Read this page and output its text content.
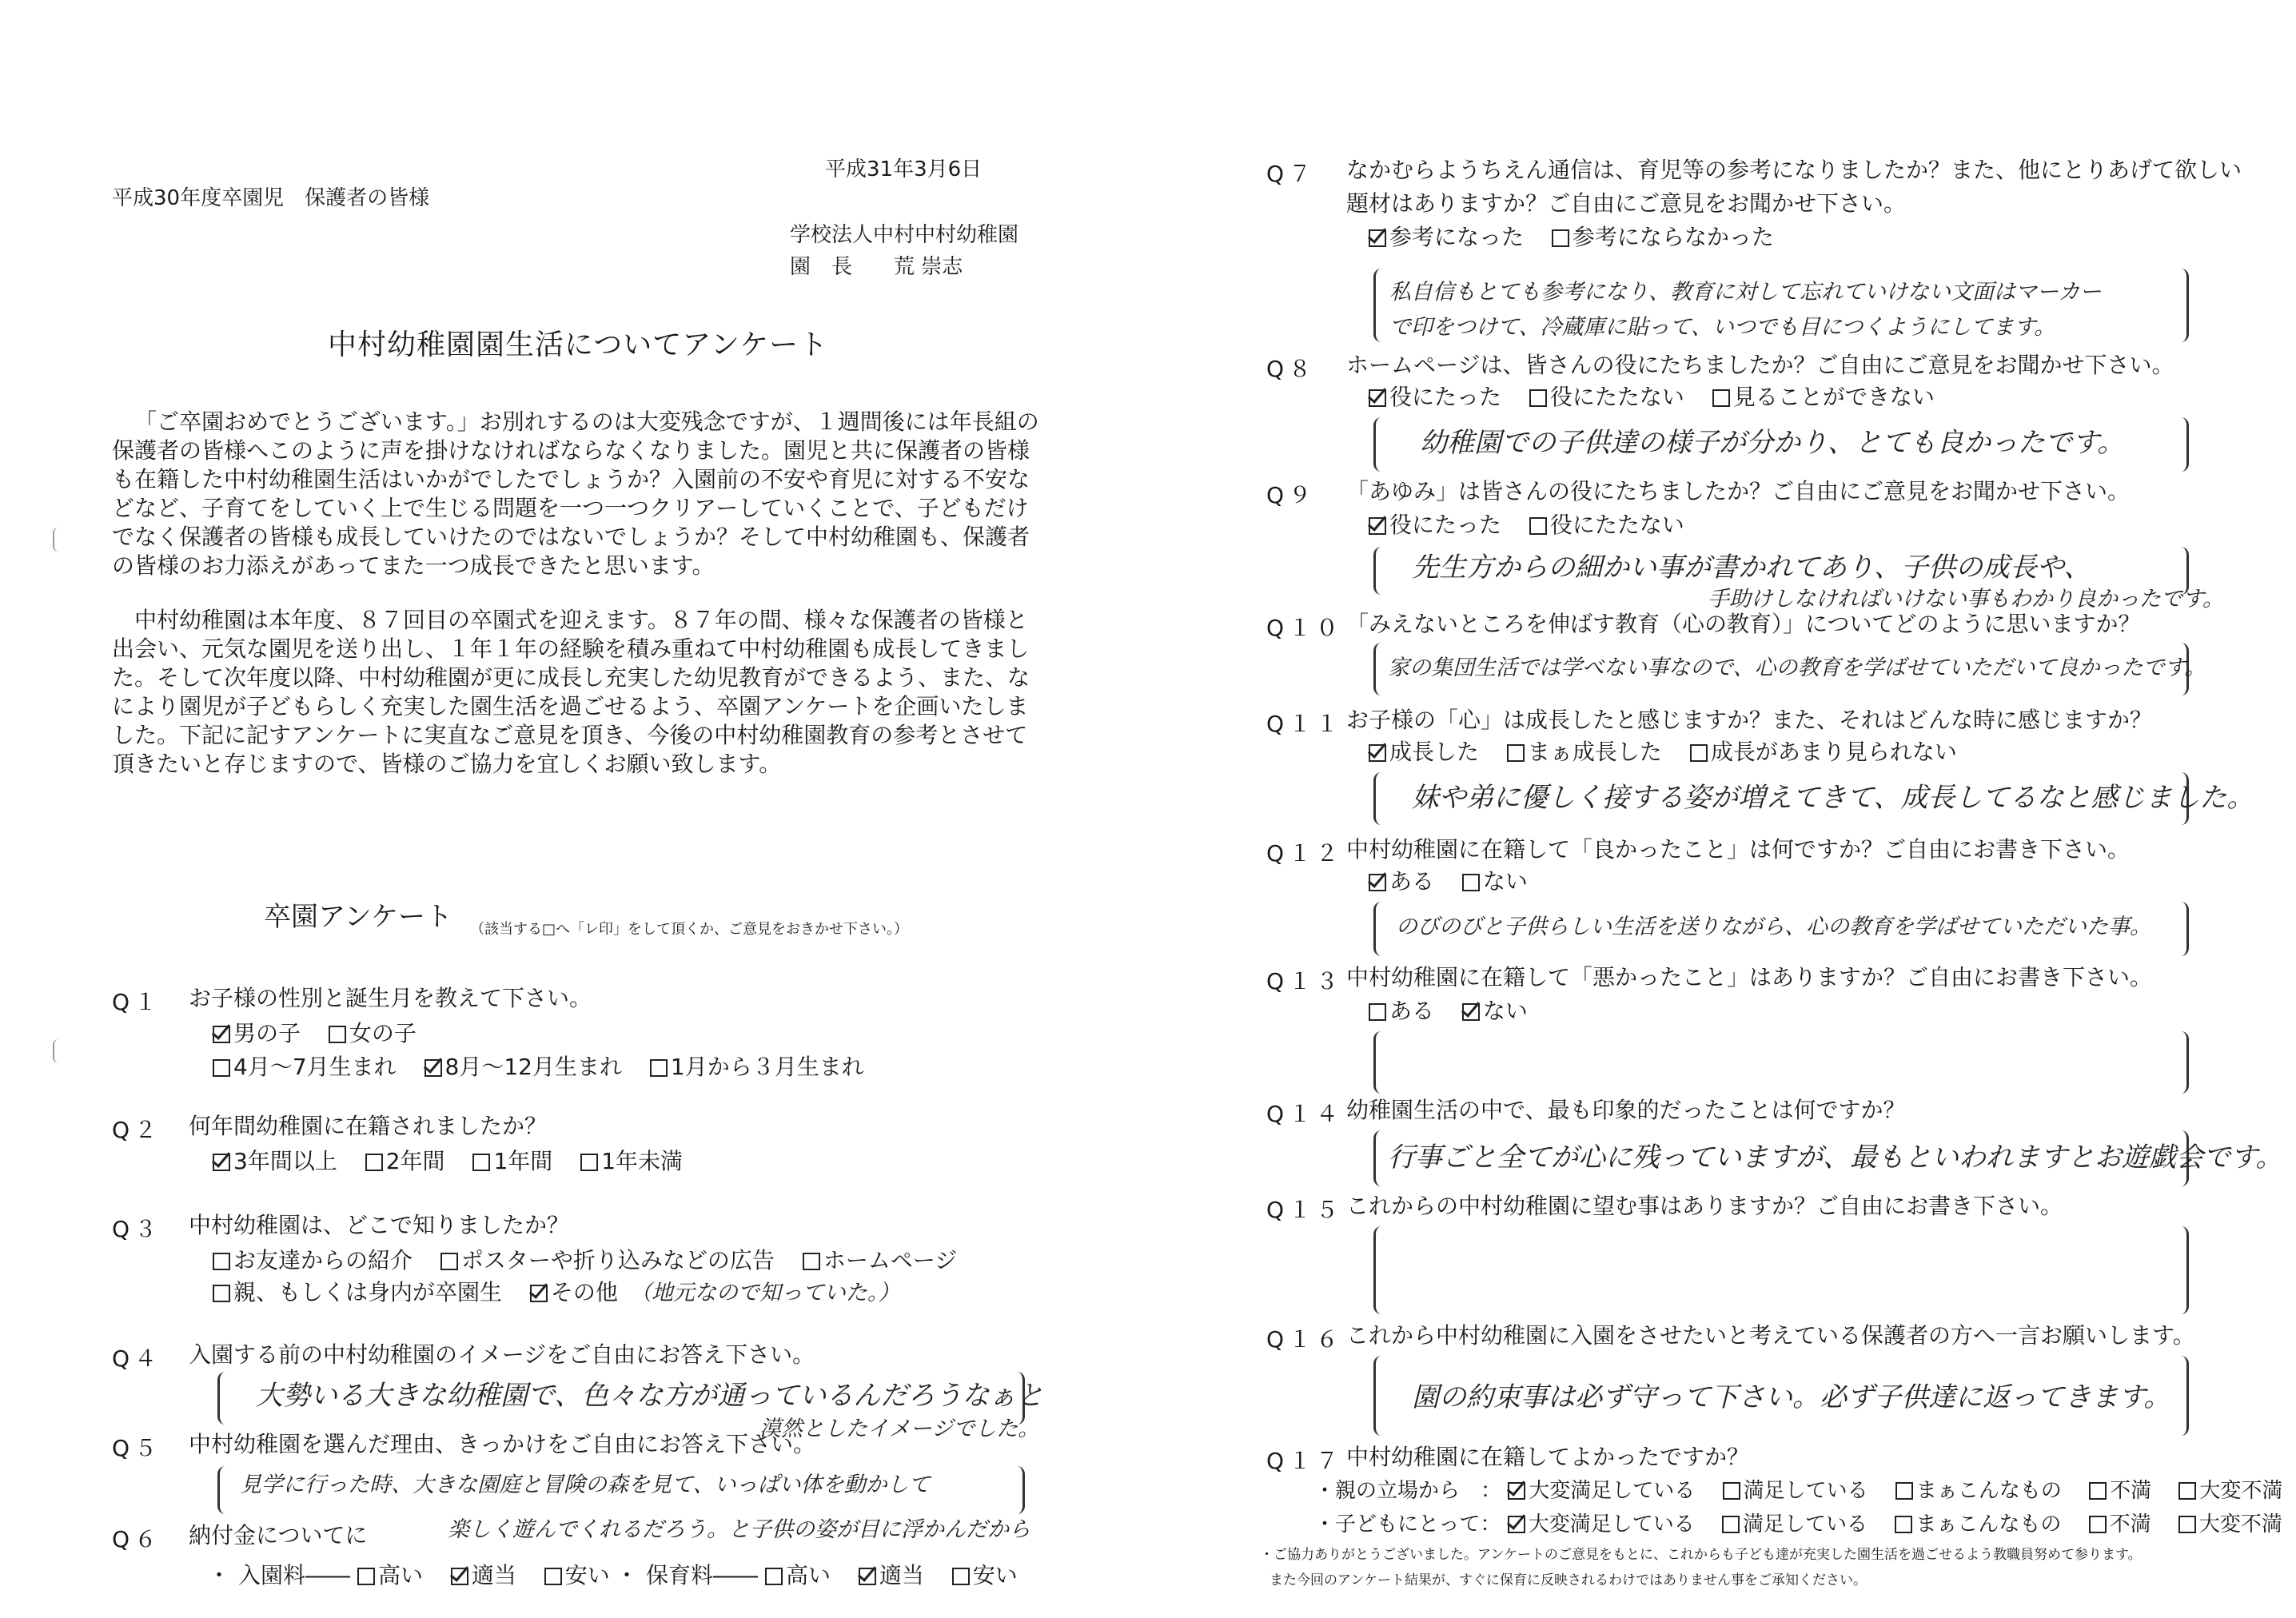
平成30年度卒園児　保護者の皆様
平成31年3月6日
学校法人中村中村幼稚園
園　長　　荒 崇志
中村幼稚園園生活についてアンケート
「ご卒園おめでとうございます。」お別れするのは大変残念ですが、１週間後には年長組の保護者の皆様へこのように声を掛けなければならなくなりました。園児と共に保護者の皆様も在籍した中村幼稚園生活はいかがでしたでしょうか？入園前の不安や育児に対する不安などなど、子育てをしていく上で生じる問題を一つ一つクリアーしていくことで、子どもだけでなく保護者の皆様も成長していけたのではないでしょうか？そして中村幼稚園も、保護者の皆様のお力添えがあってまた一つ成長できたと思います。
中村幼稚園は本年度、８７回目の卒園式を迎えます。８７年の間、様々な保護者の皆様と出会い、元気な園児を送り出し、１年１年の経験を積み重ねて中村幼稚園も成長してきました。そして次年度以降、中村幼稚園が更に成長し充実した幼児教育ができるよう、また、なにより園児が子どもらしく充実した園生活を過ごせるよう、卒園アンケートを企画いたしました。下記に記すアンケートに実直なご意見を頂き、今後の中村幼稚園教育の参考とさせて頂きたいと存じますので、皆様のご協力を宜しくお願い致します。
卒園アンケート （該当する□へ「レ印」をして頂くか、ご意見をおきかせ下さい。）
Q１ お子様の性別と誕生月を教えて下さい。
男の子 女の子
4月～7月生まれ 8月～12月生まれ 1月から３月生まれ
Q２ 何年間幼稚園に在籍されましたか？
3年間以上 2年間 1年間 1年未満
Q３ 中村幼稚園は、どこで知りましたか？
お友達からの紹介 ポスターや折り込みなどの広告 ホームページ
親、もしくは身内が卒園生 その他 （地元なので知っていた。）
Q４ 入園する前の中村幼稚園のイメージをご自由にお答え下さい。
大勢いる大きな幼稚園で、色々な方が通っているんだろうなぁと
漠然としたイメージでした。
Q５ 中村幼稚園を選んだ理由、きっかけをご自由にお答え下さい。
見学に行った時、大きな園庭と冒険の森を見て、いっぱい体を動かして
Q６ 納付金についてに	楽しく遊んでくれるだろう。と子供の姿が目に浮かんだから
・ 入園料―― 高い 適当 安い ・ 保育料―― 高い 適当 安い
Q７ なかむらようちえん通信は、育児等の参考になりましたか？また、他にとりあげて欲しい
題材はありますか？ご自由にご意見をお聞かせ下さい。
参考になった 参考にならなかった
私自信もとても参考になり、教育に対して忘れていけない文面はマーカー
で印をつけて、冷蔵庫に貼って、いつでも目につくようにしてます。
Q８ ホームページは、皆さんの役にたちましたか？ご自由にご意見をお聞かせ下さい。
役にたった 役にたたない 見ることができない
幼稚園での子供達の様子が分かり、とても良かったです。
Q９ 「あゆみ」は皆さんの役にたちましたか？ご自由にご意見をお聞かせ下さい。
役にたった 役にたたない
先生方からの細かい事が書かれてあり、子供の成長や、
手助けしなければいけない事もわかり良かったです。
Q１０ 「みえないところを伸ばす教育（心の教育）」についてどのように思いますか？
家の集団生活では学べない事なので、心の教育を学ばせていただいて良かったです。
Q１１ お子様の「心」は成長したと感じますか？また、それはどんな時に感じますか？
成長した まぁ成長した 成長があまり見られない
妹や弟に優しく接する姿が増えてきて、成長してるなと感じました。
Q１２ 中村幼稚園に在籍して「良かったこと」は何ですか？ご自由にお書き下さい。
ある ない
のびのびと子供らしい生活を送りながら、心の教育を学ばせていただいた事。
Q１３ 中村幼稚園に在籍して「悪かったこと」はありますか？ご自由にお書き下さい。
ある ない
Q１４ 幼稚園生活の中で、最も印象的だったことは何ですか？
行事ごと全てが心に残っていますが、最もといわれますとお遊戯会です。
Q１５ これからの中村幼稚園に望む事はありますか？ご自由にお書き下さい。
Q１６ これから中村幼稚園に入園をさせたいと考えている保護者の方へ一言お願いします。
園の約束事は必ず守って下さい。必ず子供達に返ってきます。
Q１７ 中村幼稚園に在籍してよかったですか？
・親の立場から　： 大変満足している 満足している まぁこんなもの 不満 大変不満
・子どもにとって： 大変満足している 満足している まぁこんなもの 不満 大変不満
・ご協力ありがとうございました。アンケートのご意見をもとに、これからも子ども達が充実した園生活を過ごせるよう教職員努めて参ります。
また今回のアンケート結果が、すぐに保育に反映されるわけではありません事をご承知ください。
